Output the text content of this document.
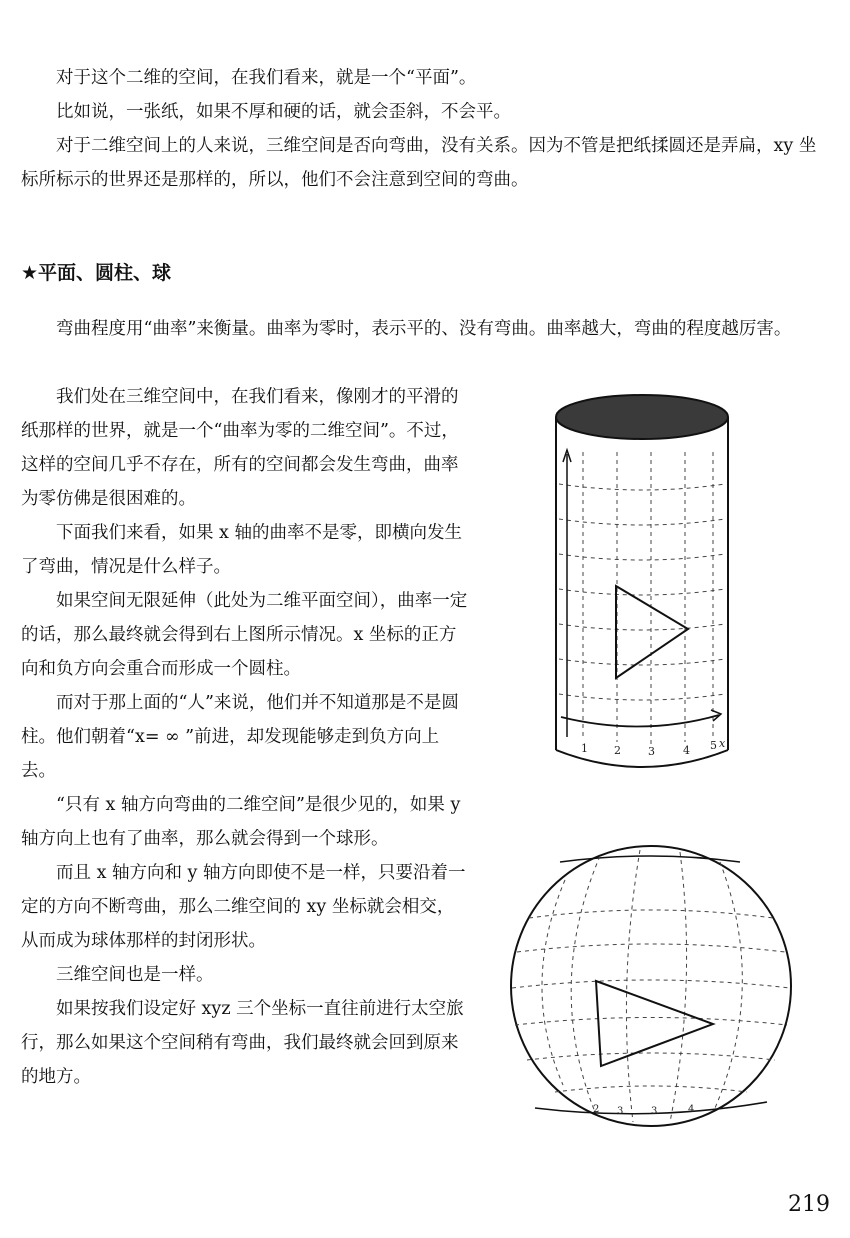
对于这个二维的空间，在我们看来，就是一个“平面”。

比如说，一张纸，如果不厚和硬的话，就会歪斜，不会平。

对于二维空间上的人来说，三维空间是否向弯曲，没有关系。因为不管是把纸揉圆还是弄扁，xy 坐标所标示的世界还是那样的，所以，他们不会注意到空间的弯曲。

★平面、圆柱、球

弯曲程度用“曲率”来衡量。曲率为零时，表示平的、没有弯曲。曲率越大，弯曲的程度越厉害。

我们处在三维空间中，在我们看来，像刚才的平滑的纸那样的世界，就是一个“曲率为零的二维空间”。不过，这样的空间几乎不存在，所有的空间都会发生弯曲，曲率为零仿佛是很困难的。

下面我们来看，如果 x 轴的曲率不是零，即横向发生了弯曲，情况是什么样子。

如果空间无限延伸（此处为二维平面空间），曲率一定的话，那么最终就会得到右上图所示情况。x 坐标的正方向和负方向会重合而形成一个圆柱。

而对于那上面的“人”来说，他们并不知道那是不是圆柱。他们朝着“x= ∞ ”前进，却发现能够走到负方向上去。

“只有 x 轴方向弯曲的二维空间”是很少见的，如果 y 轴方向上也有了曲率，那么就会得到一个球形。

而且 x 轴方向和 y 轴方向即使不是一样，只要沿着一定的方向不断弯曲，那么二维空间的 xy 坐标就会相交，从而成为球体那样的封闭形状。

三维空间也是一样。

如果按我们设定好 xyz 三个坐标一直往前进行太空旅行，那么如果这个空间稍有弯曲，我们最终就会回到原来的地方。

1 2 3	4 5 x
2 3	3	4
219
